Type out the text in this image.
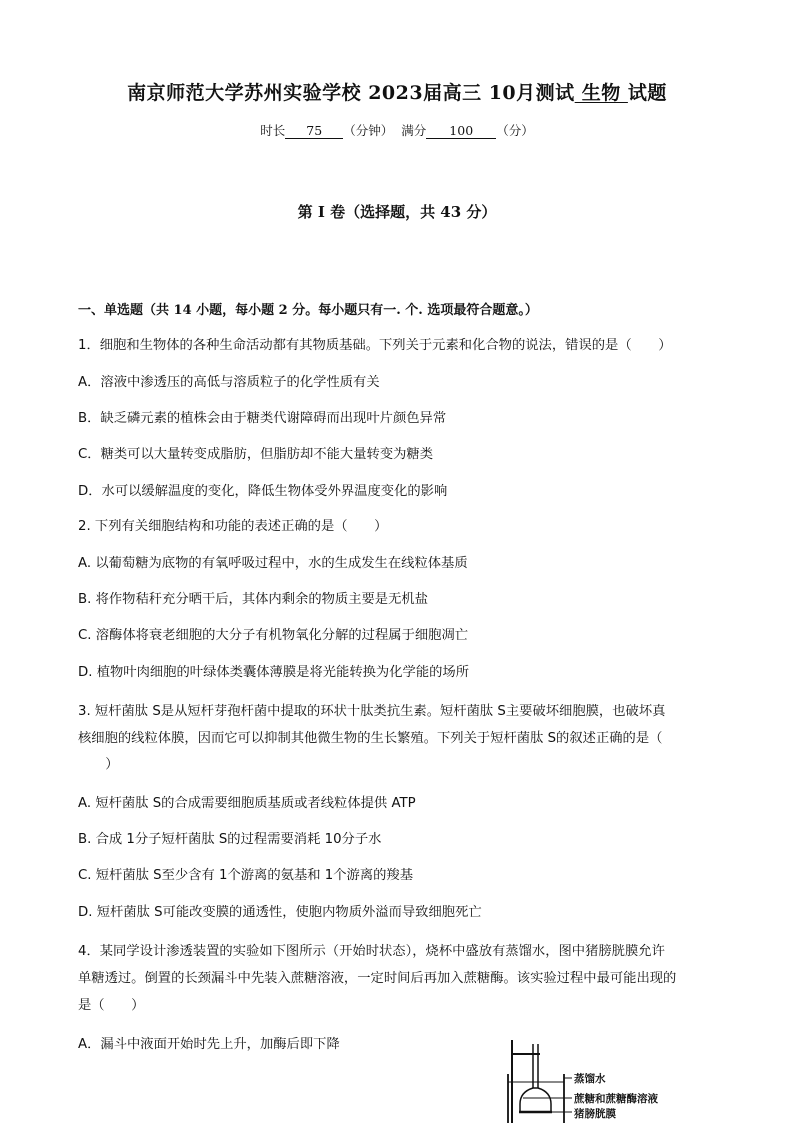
南京师范大学苏州实验学校 2023届高三 10月测试 生物 试题
时长 75 （分钟） 满分 100 （分）
第 I 卷（选择题，共 43 分）
一、单选题（共 14 小题，每小题 2 分。每小题只有一. 个. 选项最符合题意。）
1．细胞和生物体的各种生命活动都有其物质基础。下列关于元素和化合物的说法，错误的是（　　）
A．溶液中渗透压的高低与溶质粒子的化学性质有关
B．缺乏磷元素的植株会由于糖类代谢障碍而出现叶片颜色异常
C．糖类可以大量转变成脂肪，但脂肪却不能大量转变为糖类
D．水可以缓解温度的变化，降低生物体受外界温度变化的影响
2. 下列有关细胞结构和功能的表述正确的是（　　）
A. 以葡萄糖为底物的有氧呼吸过程中，水的生成发生在线粒体基质
B. 将作物秸秆充分晒干后，其体内剩余的物质主要是无机盐
C. 溶酶体将衰老细胞的大分子有机物氧化分解的过程属于细胞凋亡
D. 植物叶肉细胞的叶绿体类囊体薄膜是将光能转换为化学能的场所
3. 短杆菌肽 S是从短杆芽孢杆菌中提取的环状十肽类抗生素。短杆菌肽 S主要破坏细胞膜，也破坏真
核细胞的线粒体膜，因而它可以抑制其他微生物的生长繁殖。下列关于短杆菌肽 S的叙述正确的是（
　）
A. 短杆菌肽 S的合成需要细胞质基质或者线粒体提供 ATP
B. 合成 1分子短杆菌肽 S的过程需要消耗 10分子水
C. 短杆菌肽 S至少含有 1个游离的氨基和 1个游离的羧基
D. 短杆菌肽 S可能改变膜的通透性，使胞内物质外溢而导致细胞死亡
4．某同学设计渗透装置的实验如下图所示（开始时状态），烧杯中盛放有蒸馏水，图中猪膀胱膜允许
单糖透过。倒置的长颈漏斗中先装入蔗糖溶液，一定时间后再加入蔗糖酶。该实验过程中最可能出现的
是（　　）
A．漏斗中液面开始时先上升，加酶后即下降
蒸馏水
蔗糖和蔗糖酶溶液
猪膀胱膜
